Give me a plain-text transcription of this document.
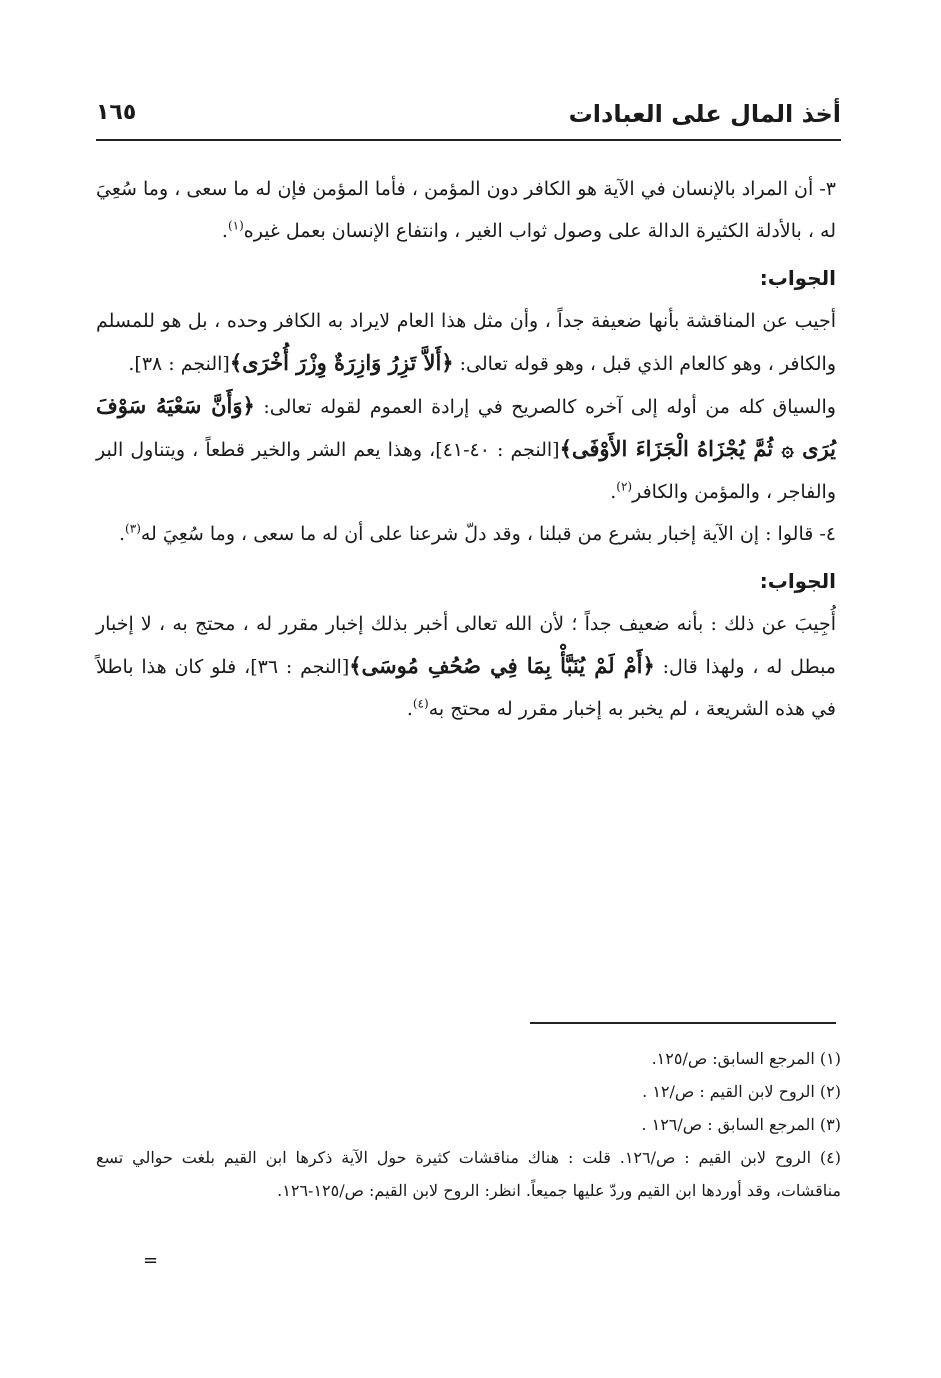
أخذ المال على العبادات
١٦٥

٣- أن المراد بالإنسان في الآية هو الكافر دون المؤمن ، فأما المؤمن فإن له ما سعى ، وما سُعِيَ له ، بالأدلة الكثيرة الدالة على وصول ثواب الغير ، وانتفاع الإنسان بعمل غيره$^{(١)}$.

الجواب:

أجيب عن المناقشة بأنها ضعيفة جداً ، وأن مثل هذا العام لايراد به الكافر وحده ، بل هو للمسلم والكافر ، وهو كالعام الذي قبل ، وهو قوله تعالى: ﴿أَلاَّ تَزِرُ وَازِرَةٌ وِزْرَ أُخْرَى﴾[النجم : ٣٨].

والسياق كله من أوله إلى آخره كالصريح في إرادة العموم لقوله تعالى: ﴿وَأَنَّ سَعْيَهُ سَوْفَ يُرَى ۞ ثُمَّ يُجْزَاهُ الْجَزَاءَ الأَوْفَى﴾[النجم : ٤٠-٤١]، وهذا يعم الشر والخير قطعاً ، ويتناول البر والفاجر ، والمؤمن والكافر$^{(٢)}$.

٤- قالوا : إن الآية إخبار بشرع من قبلنا ، وقد دلّ شرعنا على أن له ما سعى ، وما سُعِيَ له$^{(٣)}$.

الجواب:

أُجِيبَ عن ذلك : بأنه ضعيف جداً ؛ لأن الله تعالى أخبر بذلك إخبار مقرر له ، محتج به ، لا إخبار مبطل له ، ولهذا قال: ﴿أَمْ لَمْ يُنَبَّأْ بِمَا فِي صُحُفِ مُوسَى﴾[النجم : ٣٦]، فلو كان هذا باطلاً في هذه الشريعة ، لم يخبر به إخبار مقرر له محتج به$^{(٤)}$.

(١) المرجع السابق: ص/١٢٥.

(٢) الروح لابن القيم : ص/١٢ .

(٣) المرجع السابق : ص/١٢٦ .

(٤) الروح لابن القيم : ص/١٢٦. قلت : هناك مناقشات كثيرة حول الآية ذكرها ابن القيم بلغت حوالي تسع مناقشات، وقد أوردها ابن القيم وردّ عليها جميعاً. انظر: الروح لابن القيم: ص/١٢٥-١٢٦.

=
